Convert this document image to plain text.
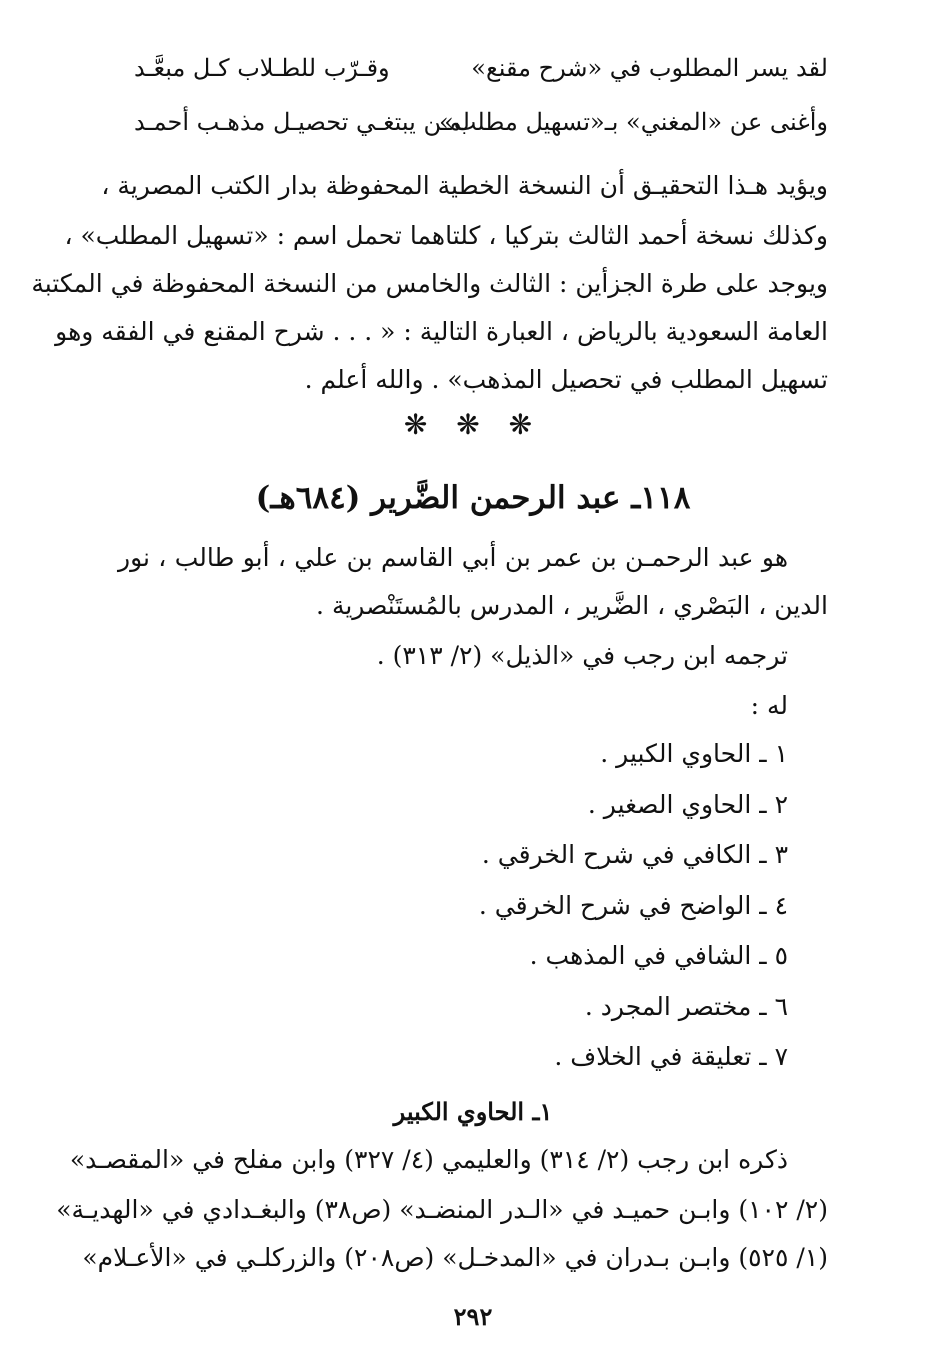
لقد يسر المطلوب في «شرح مقنع»
وقـرّب للطـلاب كـل مبعَّـد
وأغنى عن «المغني» بـ«تسهيل مطلب»
لمـن يبتغـي تحصيـل مذهـب أحمـد

ويؤيد هـذا التحقيـق أن النسخة الخطية المحفوظة بدار الكتب المصرية ،

وكذلك نسخة أحمد الثالث بتركيا ، كلتاهما تحمل اسم : «تسهيل المطلب» ،

ويوجد على طرة الجزأين : الثالث والخامس من النسخة المحفوظة في المكتبة

العامة السعودية بالرياض ، العبارة التالية : « . . . شرح المقنع في الفقه وهو

تسهيل المطلب في تحصيل المذهب» . والله أعلم .

❋ ❋ ❋
١١٨ـ عبد الرحمن الضَّرير (٦٨٤هـ)

هو عبد الرحمـن بن عمر بن أبي القاسم بن علي ، أبو طالب ، نور

الدين ، البَصْري ، الضَّرير ، المدرس بالمُستَنْصرية .

ترجمه ابن رجب في «الذيل» (٢/ ٣١٣) .

له :

١ ـ الحاوي الكبير .
٢ ـ الحاوي الصغير .
٣ ـ الكافي في شرح الخرقي .
٤ ـ الواضح في شرح الخرقي .
٥ ـ الشافي في المذهب .
٦ ـ مختصر المجرد .
٧ ـ تعليقة في الخلاف .
١ـ الحاوي الكبير

ذكره ابن رجب (٢/ ٣١٤) والعليمي (٤/ ٣٢٧) وابن مفلح في «المقصـد»

(٢/ ١٠٢) وابـن حميـد في «الـدر المنضـد» (ص٣٨) والبغـدادي في «الهديـة»

(١/ ٥٢٥) وابـن بـدران في «المدخـل» (ص٢٠٨) والزركلـي في «الأعـلام»

٢٩٢
